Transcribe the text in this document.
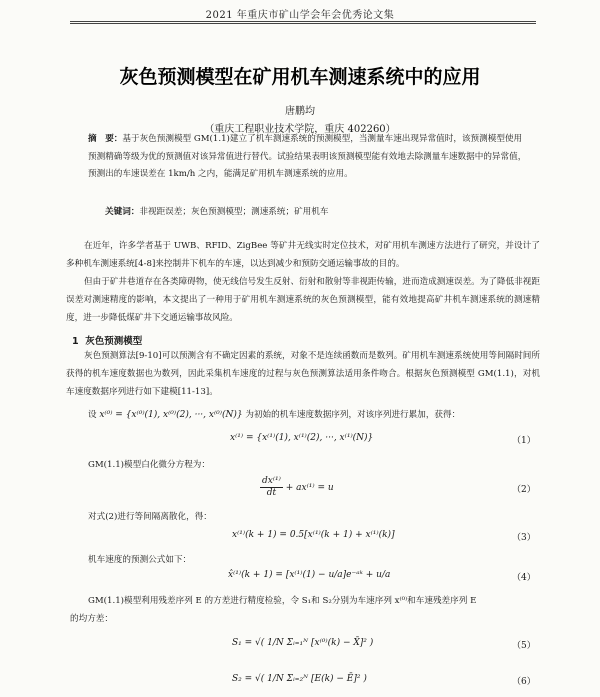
2021 年重庆市矿山学会年会优秀论文集
灰色预测模型在矿用机车测速系统中的应用
唐鹏均
（重庆工程职业技术学院，重庆 402260）
摘　要：基于灰色预测模型 GM(1.1)建立了机车测速系统的预测模型，当测量车速出现异常值时，该预测模型使用预测精确等级为优的预测值对该异常值进行替代。试验结果表明该预测模型能有效地去除测量车速数据中的异常值，预测出的车速误差在 1km/h 之内，能满足矿用机车测速系统的应用。
关键词：非视距误差；灰色预测模型；测速系统；矿用机车
在近年，许多学者基于 UWB、RFID、ZigBee 等矿井无线实时定位技术，对矿用机车测速方法进行了研究，并设计了多种机车测速系统[4-8]来控制井下机车的车速，以达到减少和预防交通运输事故的目的。
但由于矿井巷道存在各类障碍物，使无线信号发生反射、衍射和散射等非视距传输，进而造成测速误差。为了降低非视距误差对测速精度的影响，本文提出了一种用于矿用机车测速系统的灰色预测模型，能有效地提高矿井机车测速系统的测速精度，进一步降低煤矿井下交通运输事故风险。
1 灰色预测模型
灰色预测算法[9-10]可以预测含有不确定因素的系统，对象不是连续函数而是数列。矿用机车测速系统使用等间隔时间所获得的机车速度数据也为数列，因此采集机车速度的过程与灰色预测算法适用条件吻合。根据灰色预测模型 GM(1.1)，对机车速度数据序列进行如下建模[11-13]。
设 x⁽⁰⁾ = {x⁽⁰⁾(1), x⁽⁰⁾(2), ···, x⁽⁰⁾(N)} 为初始的机车速度数据序列，对该序列进行累加，获得：
x⁽¹⁾ = {x⁽¹⁾(1), x⁽¹⁾(2), ···, x⁽¹⁾(N)}	（1）
GM(1.1)模型白化微分方程为：
$\frac{\text{dx⁽¹⁾}}{dt} + ax^{(1)} = u$	（2）
对式(2)进行等间隔离散化，得：
x⁽¹⁾(k + 1) = 0.5[x⁽¹⁾(k + 1) + x⁽¹⁾(k)]	（3）
机车速度的预测公式如下：
x̂⁽¹⁾(k + 1) = [x⁽¹⁾(1) − u/a]e⁻ᵃᵏ + u/a	（4）
GM(1.1)模型利用残差序列 E 的方差进行精度检验，令 S₁和 S₂分别为车速序列 x⁽⁰⁾和车速残差序列 E
的均方差：
S₁ = √( 1/N Σᵢ₌₁ᴺ [x⁽⁰⁾(k) − X̄]² )	（5）
S₂ = √( 1/N Σᵢ₌₂ᴺ [E(k) − Ē]² )	（6）
